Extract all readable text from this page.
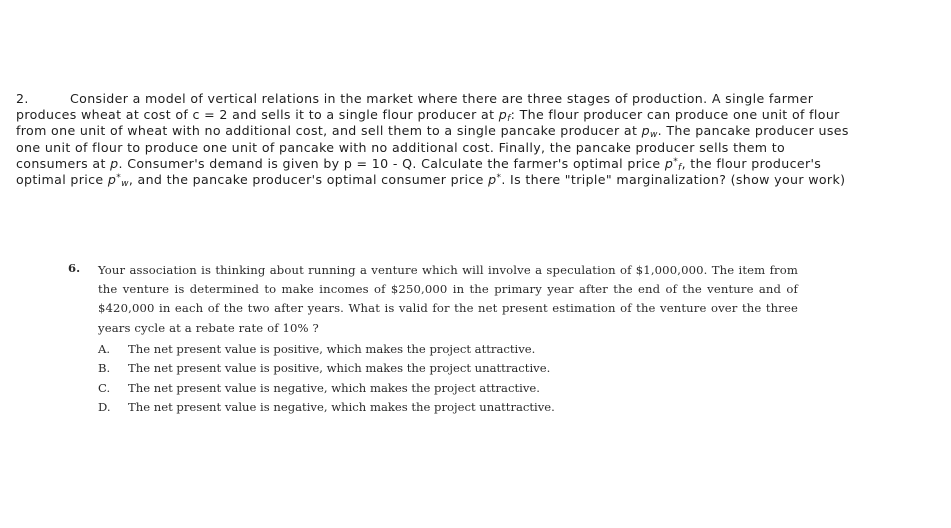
2.	Consider a model of vertical relations in the market where there are three stages of production. A single farmer produces wheat at cost of c = 2 and sells it to a single flour producer at $p_f$: The flour producer can produce one unit of flour from one unit of wheat with no additional cost, and sell them to a single pancake producer at $p_w$. The pancake producer uses one unit of flour to produce one unit of pancake with no additional cost. Finally, the pancake producer sells them to consumers at p. Consumer's demand is given by p = 10 - Q. Calculate the farmer's optimal price $p^*_f$, the flour producer's optimal price $p^*_w$, and the pancake producer's optimal consumer price p*. Is there "triple" marginalization? (show your work)

6.	Your association is thinking about running a venture which will involve a speculation of $1,000,000. The item from the venture is determined to make incomes of $250,000 in the primary year after the end of the venture and of $420,000 in each of the two after years. What is valid for the net present estimation of the venture over the three years cycle at a rebate rate of 10% ?
A.	The net present value is positive, which makes the project attractive.
B.	The net present value is positive, which makes the project unattractive.
C.	The net present value is negative, which makes the project attractive.
D.	The net present value is negative, which makes the project unattractive.
